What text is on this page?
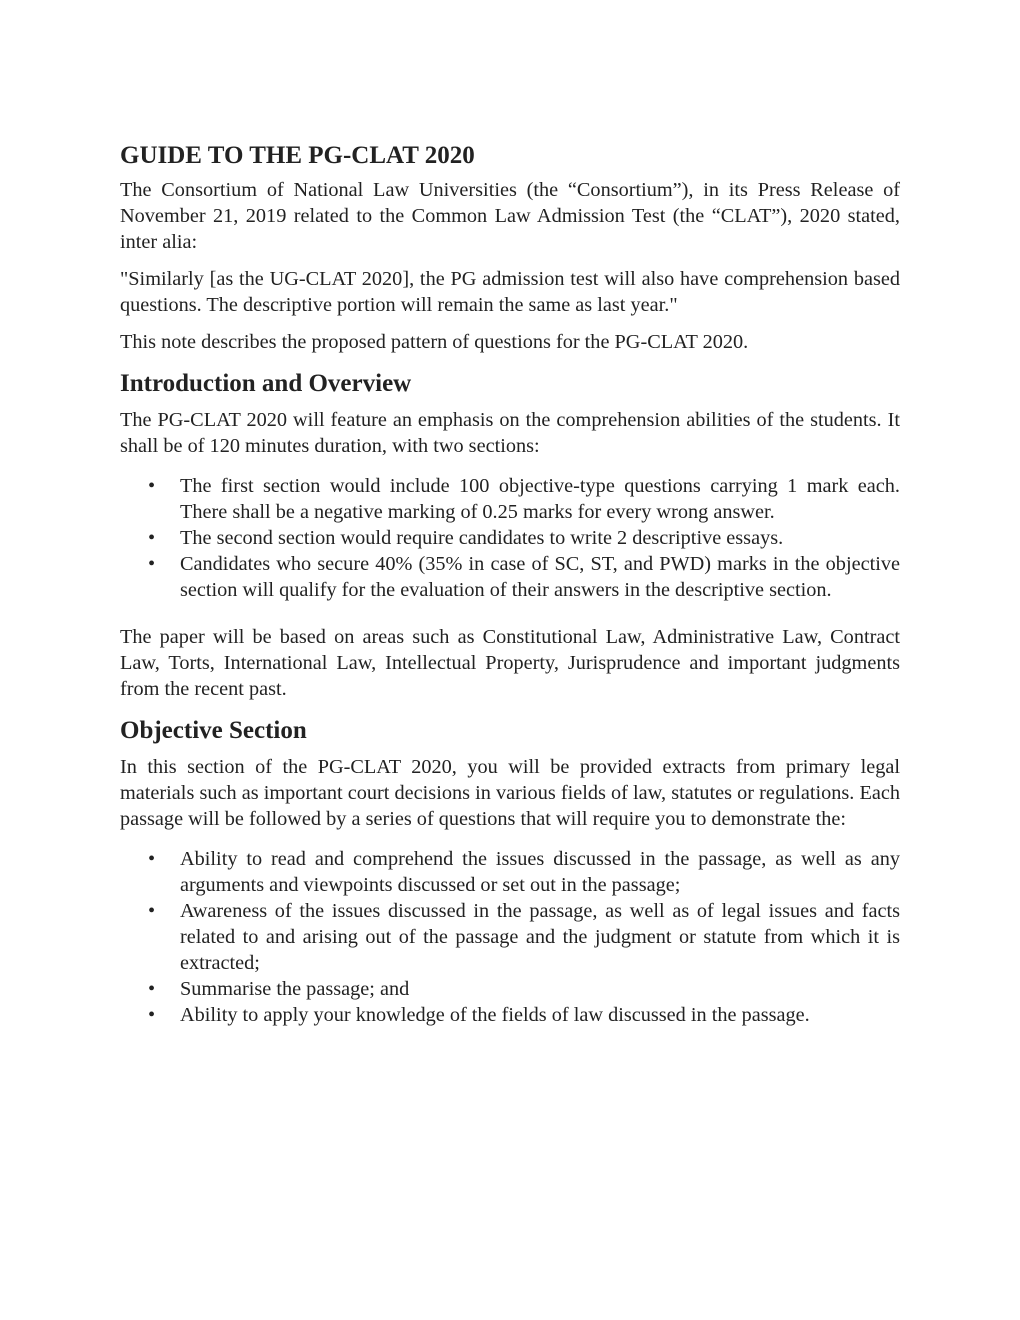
GUIDE TO THE PG-CLAT 2020

The Consortium of National Law Universities (the “Consortium”), in its Press Release of November 21, 2019 related to the Common Law Admission Test (the “CLAT”), 2020 stated, inter alia:

"Similarly [as the UG-CLAT 2020], the PG admission test will also have comprehension based questions. The descriptive portion will remain the same as last year."

This note describes the proposed pattern of questions for the PG-CLAT 2020.

Introduction and Overview

The PG-CLAT 2020 will feature an emphasis on the comprehension abilities of the students. It shall be of 120 minutes duration, with two sections:

• The first section would include 100 objective-type questions carrying 1 mark each. There shall be a negative marking of 0.25 marks for every wrong answer.
• The second section would require candidates to write 2 descriptive essays.
• Candidates who secure 40% (35% in case of SC, ST, and PWD) marks in the objective section will qualify for the evaluation of their answers in the descriptive section.

The paper will be based on areas such as Constitutional Law, Administrative Law, Contract Law, Torts, International Law, Intellectual Property, Jurisprudence and important judgments from the recent past.

Objective Section

In this section of the PG-CLAT 2020, you will be provided extracts from primary legal materials such as important court decisions in various fields of law, statutes or regulations. Each passage will be followed by a series of questions that will require you to demonstrate the:

• Ability to read and comprehend the issues discussed in the passage, as well as any arguments and viewpoints discussed or set out in the passage;
• Awareness of the issues discussed in the passage, as well as of legal issues and facts related to and arising out of the passage and the judgment or statute from which it is extracted;
• Summarise the passage; and
• Ability to apply your knowledge of the fields of law discussed in the passage.
